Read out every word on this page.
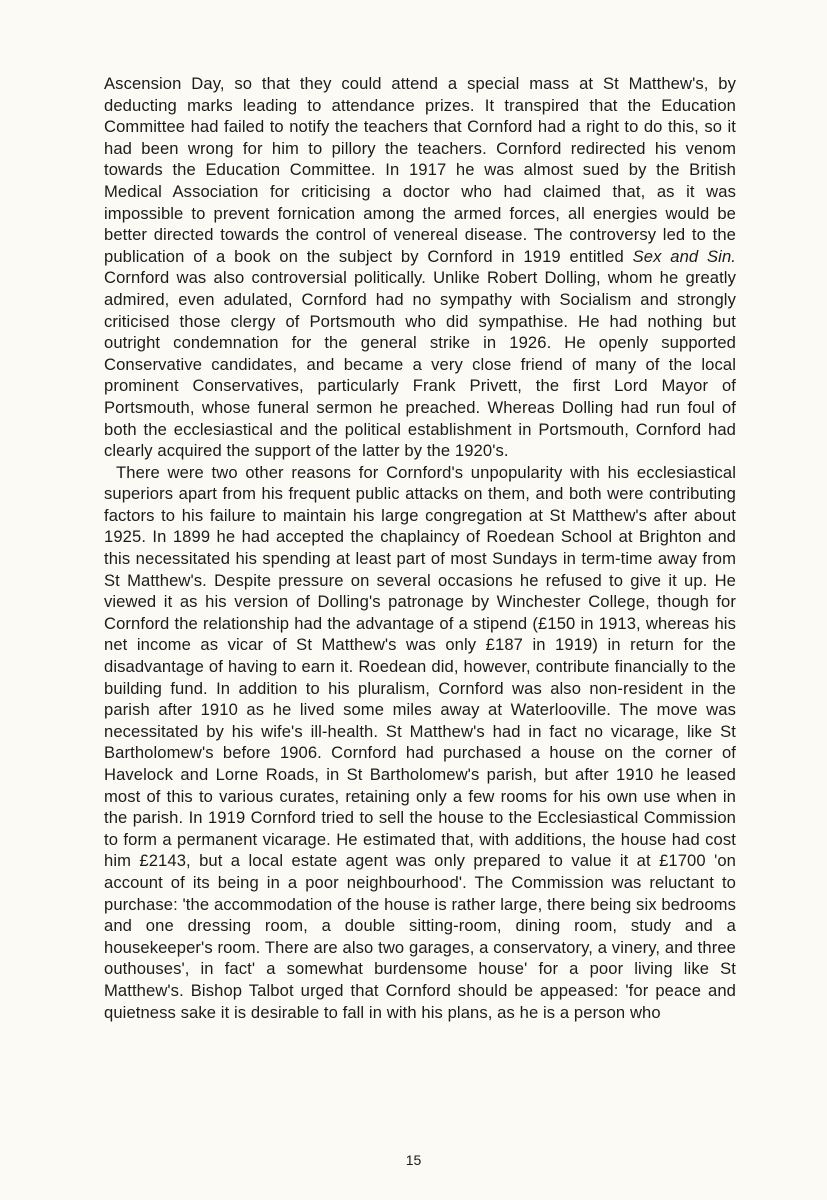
Ascension Day, so that they could attend a special mass at St Matthew's, by deducting marks leading to attendance prizes. It transpired that the Education Committee had failed to notify the teachers that Cornford had a right to do this, so it had been wrong for him to pillory the teachers. Cornford redirected his venom towards the Education Committee. In 1917 he was almost sued by the British Medical Association for criticising a doctor who had claimed that, as it was impossible to prevent fornication among the armed forces, all energies would be better directed towards the control of venereal disease. The controversy led to the publication of a book on the subject by Cornford in 1919 entitled Sex and Sin. Cornford was also controversial politically. Unlike Robert Dolling, whom he greatly admired, even adulated, Cornford had no sympathy with Socialism and strongly criticised those clergy of Portsmouth who did sympathise. He had nothing but outright condemnation for the general strike in 1926. He openly supported Conservative candidates, and became a very close friend of many of the local prominent Conservatives, particularly Frank Privett, the first Lord Mayor of Portsmouth, whose funeral sermon he preached. Whereas Dolling had run foul of both the ecclesiastical and the political establishment in Portsmouth, Cornford had clearly acquired the support of the latter by the 1920's.

There were two other reasons for Cornford's unpopularity with his ecclesiastical superiors apart from his frequent public attacks on them, and both were contributing factors to his failure to maintain his large congregation at St Matthew's after about 1925. In 1899 he had accepted the chaplaincy of Roedean School at Brighton and this necessitated his spending at least part of most Sundays in term-time away from St Matthew's. Despite pressure on several occasions he refused to give it up. He viewed it as his version of Dolling's patronage by Winchester College, though for Cornford the relationship had the advantage of a stipend (£150 in 1913, whereas his net income as vicar of St Matthew's was only £187 in 1919) in return for the disadvantage of having to earn it. Roedean did, however, contribute financially to the building fund. In addition to his pluralism, Cornford was also non-resident in the parish after 1910 as he lived some miles away at Waterlooville. The move was necessitated by his wife's ill-health. St Matthew's had in fact no vicarage, like St Bartholomew's before 1906. Cornford had purchased a house on the corner of Havelock and Lorne Roads, in St Bartholomew's parish, but after 1910 he leased most of this to various curates, retaining only a few rooms for his own use when in the parish. In 1919 Cornford tried to sell the house to the Ecclesiastical Commission to form a permanent vicarage. He estimated that, with additions, the house had cost him £2143, but a local estate agent was only prepared to value it at £1700 'on account of its being in a poor neighbourhood'. The Commission was reluctant to purchase: 'the accommodation of the house is rather large, there being six bedrooms and one dressing room, a double sitting-room, dining room, study and a housekeeper's room. There are also two garages, a conservatory, a vinery, and three outhouses', in fact' a somewhat burdensome house' for a poor living like St Matthew's. Bishop Talbot urged that Cornford should be appeased: 'for peace and quietness sake it is desirable to fall in with his plans, as he is a person who

15
